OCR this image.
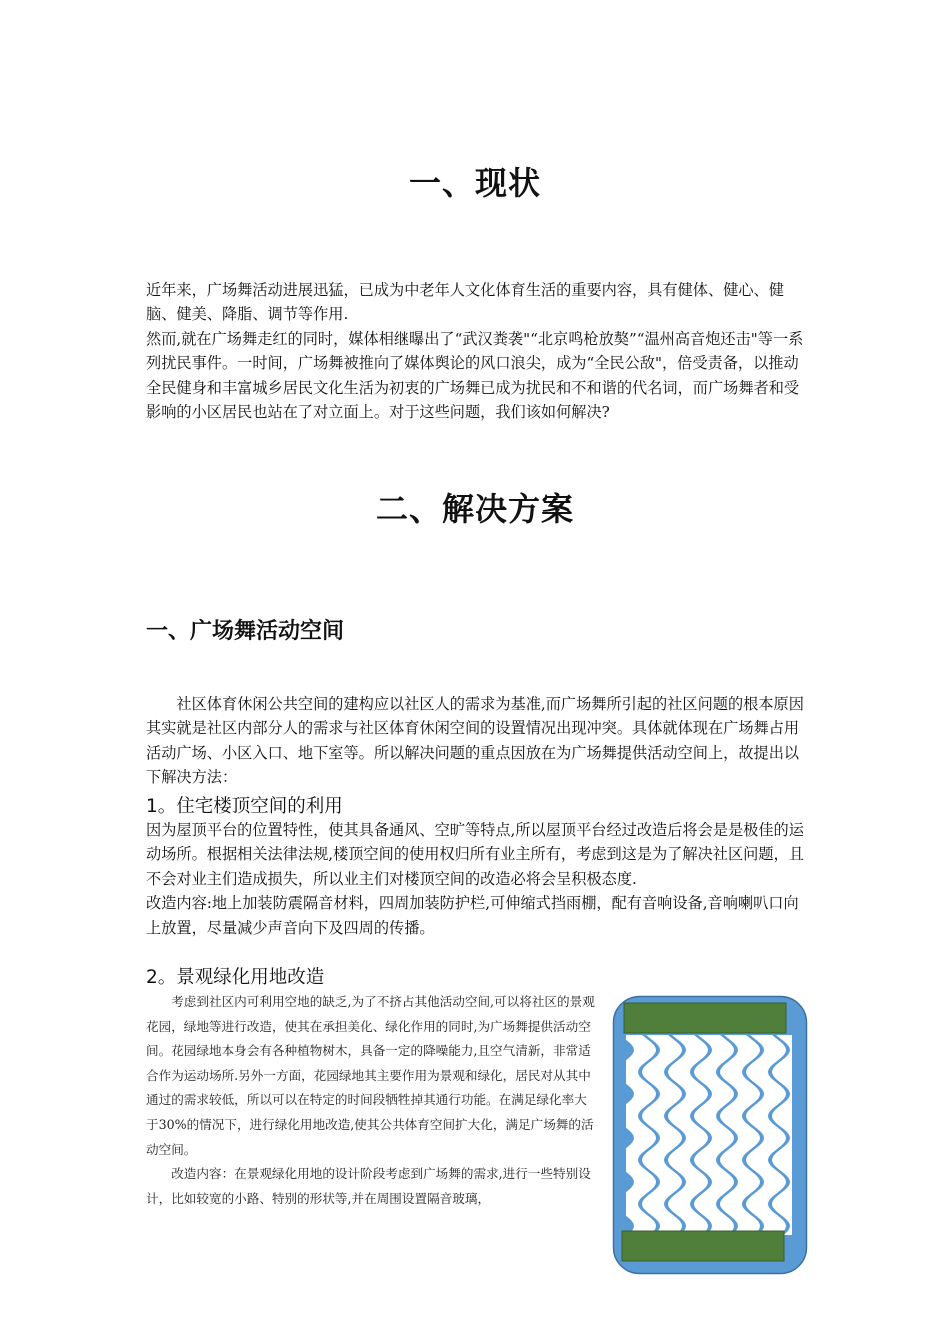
一、现状

近年来，广场舞活动进展迅猛，已成为中老年人文化体育生活的重要内容，具有健体、健心、健脑、健美、降脂、调节等作用.

然而,就在广场舞走红的同时，媒体相继曝出了“武汉粪袭"“北京鸣枪放獒”“温州高音炮还击"等一系列扰民事件。一时间，广场舞被推向了媒体舆论的风口浪尖，成为“全民公敌"，倍受责备，以推动全民健身和丰富城乡居民文化生活为初衷的广场舞已成为扰民和不和谐的代名词，而广场舞者和受影响的小区居民也站在了对立面上。对于这些问题，我们该如何解决?

二、解决方案
一、广场舞活动空间

社区体育休闲公共空间的建构应以社区人的需求为基准,而广场舞所引起的社区问题的根本原因其实就是社区内部分人的需求与社区体育休闲空间的设置情况出现冲突。具体就体现在广场舞占用活动广场、小区入口、地下室等。所以解决问题的重点因放在为广场舞提供活动空间上，故提出以下解决方法：

1。住宅楼顶空间的利用

因为屋顶平台的位置特性，使其具备通风、空旷等特点,所以屋顶平台经过改造后将会是是极佳的运动场所。根据相关法律法规,楼顶空间的使用权归所有业主所有，考虑到这是为了解决社区问题，且不会对业主们造成损失，所以业主们对楼顶空间的改造必将会呈积极态度.

改造内容:地上加装防震隔音材料，四周加装防护栏,可伸缩式挡雨棚，配有音响设备,音响喇叭口向上放置，尽量减少声音向下及四周的传播。

2。景观绿化用地改造

考虑到社区内可利用空地的缺乏,为了不挤占其他活动空间,可以将社区的景观花园，绿地等进行改造，使其在承担美化、绿化作用的同时,为广场舞提供活动空间。花园绿地本身会有各种植物树木，具备一定的降噪能力,且空气清新，非常适合作为运动场所.另外一方面，花园绿地其主要作用为景观和绿化，居民对从其中通过的需求较低，所以可以在特定的时间段牺牲掉其通行功能。在满足绿化率大于30%的情况下，进行绿化用地改造,使其公共体育空间扩大化，满足广场舞的活动空间。

改造内容：在景观绿化用地的设计阶段考虑到广场舞的需求,进行一些特别设计，比如较宽的小路、特别的形状等,并在周围设置隔音玻璃，
